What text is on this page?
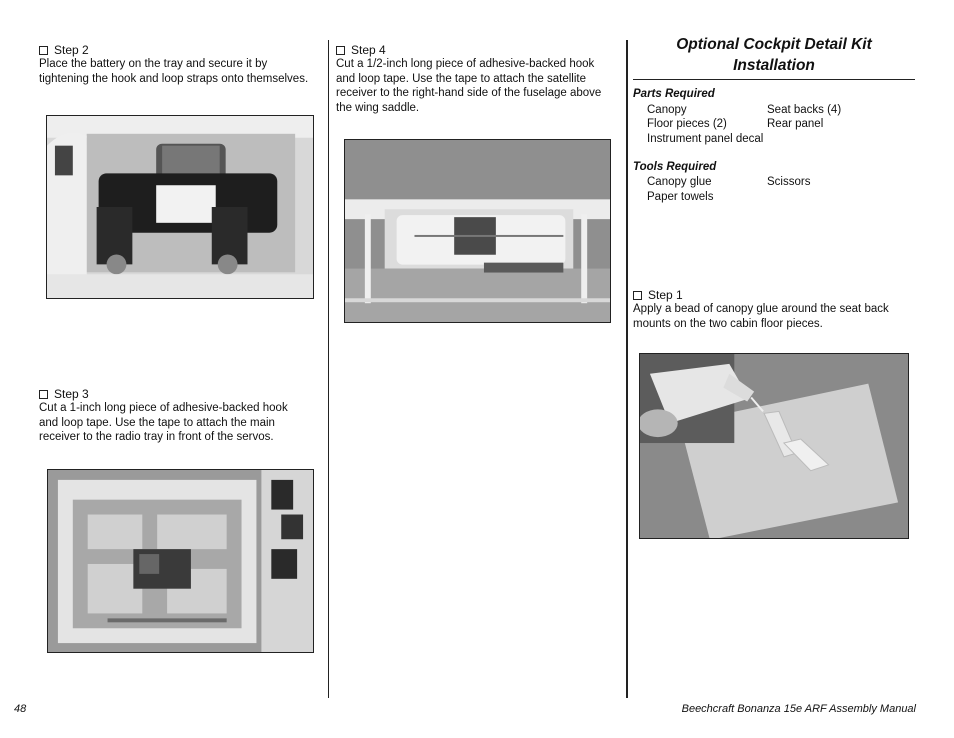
Step 2
Place the battery on the tray and secure it by
tightening the hook and loop straps onto themselves.
Step 3
Cut a 1-inch long piece of adhesive-backed hook
and loop tape. Use the tape to attach the main
receiver to the radio tray in front of the servos.
Step 4
Cut a 1/2-inch long piece of adhesive-backed hook
and loop tape. Use the tape to attach the satellite
receiver to the right-hand side of the fuselage above
the wing saddle.
Optional Cockpit Detail Kit
Installation
Parts Required
Canopy	Seat backs (4)
Floor pieces (2)	Rear panel
Instrument panel decal
Tools Required
Canopy glue	Scissors
Paper towels
Step 1
Apply a bead of canopy glue around the seat back
mounts on the two cabin floor pieces.
48	Beechcraft Bonanza 15e ARF Assembly Manual
